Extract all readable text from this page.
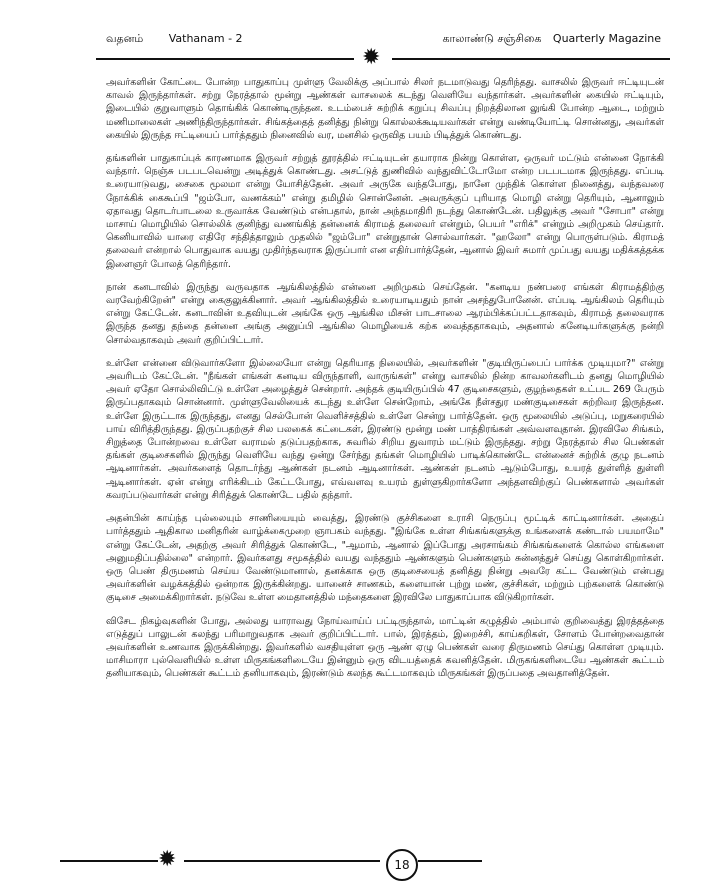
வதனம் Vathanam - 2	காலாண்டு சஞ்சிகை Quarterly Magazine
✹

அவர்களின் கோட்டை போன்ற பாதுகாப்பு முள்ளு வேலிக்கு அப்பால் சிலர் நடமாடுவது தெரிந்தது. வாசலில் இருவர் ஈட்டியுடன் காவல் இருந்தார்கள். சற்று நேரத்தால் மூன்று ஆண்கள் வாசலைக் கடந்து வெளியே வந்தார்கள். அவர்களின் கையில் ஈட்டியும், இடையில் குறுவாளும் தொங்கிக் கொண்டிருந்தன. உடம்பைச் சுற்றிக் கறுப்பு சிவப்பு நிறத்திலான லுங்கி போன்ற ஆடை, மற்றும் மணிமாலைகள் அணிந்திருந்தார்கள். சிங்கத்தைத் தனித்து நின்று கொல்லக்கூடியவர்கள் என்று வண்டியோட்டி சொன்னது, அவர்கள் கையில் இருந்த ஈட்டியைப் பார்த்ததும் நினைவில் வர, மனசில் ஒருவித பயம் பிடித்துக் கொண்டது.

தங்களின் பாதுகாப்புக் காரணமாக இருவர் சற்றுத் தூரத்தில் ஈட்டியுடன் தயாராக நின்று கொள்ள, ஒருவர் மட்டும் என்னை நோக்கி வந்தார். நெஞ்சு படபடவென்று அடித்துக் கொண்டது. அசட்டுத் துணிவில் வந்துவிட்டோமோ என்ற படபடமாக இருந்தது. எப்படி உரையாடுவது, சைகை மூலமா என்று யோசித்தேன். அவர் அருகே வந்தபோது, நானே முந்திக் கொள்ள நினைத்து, வந்தவரை நோக்கிக் கைகூப்பி "ஜம்போ, வணக்கம்" என்று தமிழில் சொன்னேன். அவருக்குப் புரியாத மொழி என்று தெரியும், ஆனாலும் ஏதாவது தொடர்பாடலை உருவாக்க வேண்டும் என்பதால், நான் அந்தமாதிரி நடந்து கொண்டேன். பதிலுக்கு அவர் "சோபா" என்று மாசாய் மொழியில் சொல்லிக் குனிந்து வணங்கித் தன்னைக் கிராமத் தலைவர் என்றும், பெயர் "எரிக்" என்றும் அறிமுகம் செய்தார். கெனியாவில் யாரை எதிரே சந்தித்தாலும் முதலில் "ஜம்போ" என்றுதான் சொல்வார்கள். "ஹலோ" என்று பொருள்படும். கிராமத் தலைவர் என்றால் பொதுவாக வயது முதிர்ந்தவராக இருப்பார் என எதிர்பார்த்தேன், ஆனால் இவர் சுமார் முப்பது வயது மதிக்கத்தக்க இளைஞர் போலத் தெரிந்தார்.

நான் கனடாவில் இருந்து வருவதாக ஆங்கிலத்தில் என்னை அறிமுகம் செய்தேன். "கனடிய நண்பரை எங்கள் கிராமத்திற்கு வரவேற்கிறேன்" என்று கைகுலுக்கினார். அவர் ஆங்கிலத்தில் உரையாடியதும் நான் அசந்துபோனேன். எப்படி ஆங்கிலம் தெரியும் என்று கேட்டேன். கனடாவின் உதவியுடன் அங்கே ஒரு ஆங்கில மிசன் பாடசாலை ஆரம்பிக்கப்பட்டதாகவும், கிராமத் தலைவராக இருந்த தனது தந்தை தன்னை அங்கு அனுப்பி ஆங்கில மொழியைக் கற்க வைத்ததாகவும், அதனால் கனேடியர்களுக்கு நன்றி சொல்வதாகவும் அவர் குறிப்பிட்டார்.

உள்ளே என்னை விடுவார்களோ இல்லையோ என்று தெரியாத நிலையில், அவர்களின் "குடியிருப்பைப் பார்க்க முடியுமா?" என்று அவரிடம் கேட்டேன். "நீங்கள் எங்கள் கனடிய விருந்தாளி, வாருங்கள்" என்று வாசலில் நின்ற காவலர்களிடம் தனது மொழியில் அவர் ஏதோ சொல்லிவிட்டு உள்ளே அழைத்துச் சென்றார். அந்தக் குடியிருப்பில் 47 குடிசைகளும், குழந்தைகள் உட்பட 269 பேரும் இருப்பதாகவும் சொன்னார். முள்ளுவேலியைக் கடந்து உள்ளே சென்றோம், அங்கே நீள்சதுர மண்குடிசைகள் சுற்றிவர இருந்தன. உள்ளே இருட்டாக இருந்தது, எனது செல்போன் வெளிச்சத்தில் உள்ளே சென்று பார்த்தேன். ஒரு மூலையில் அடுப்பு, மறுகரையில் பாய் விரித்திருந்தது. இருப்பதற்குச் சில பலகைக் கட்டைகள், இரண்டு மூன்று மண் பாத்திரங்கள் அவ்வளவுதான். இரவிலே சிங்கம், சிறுத்தை போன்றவை உள்ளே வராமல் தடுப்பதற்காக, சுவரில் சிறிய துவாரம் மட்டும் இருந்தது. சற்று நேரத்தால் சில பெண்கள் தங்கள் குடிசைகளில் இருந்து வெளியே வந்து ஒன்று சேர்ந்து தங்கள் மொழியில் பாடிக்கொண்டே என்னைச் சுற்றிக் குழு நடனம் ஆடினார்கள். அவர்களைத் தொடர்ந்து ஆண்கள் நடனம் ஆடினார்கள். ஆண்கள் நடனம் ஆடும்போது, உயரத் துள்ளித் துள்ளி ஆடினார்கள். ஏன் என்று எரிக்கிடம் கேட்டபோது, எவ்வளவு உயரம் துள்ளுகிறார்களோ அந்தளவிற்குப் பெண்களால் அவர்கள் கவரப்படுவார்கள் என்று சிரித்துக் கொண்டே பதில் தந்தார்.

அதன்பின் காய்ந்த புல்லையும் சாணியையும் வைத்து, இரண்டு குச்சிகளை உராசி நெருப்பு மூட்டிக் காட்டினார்கள். அதைப் பார்த்ததும் ஆதிகால மனிதரின் வாழ்க்கைமுறை ஞாபகம் வந்தது. "இங்கே உள்ள சிங்கங்களுக்கு உங்களைக் கண்டால் பயமாமே" என்று கேட்டேன், அதற்கு அவர் சிரித்துக் கொண்டே, "ஆமாம், ஆனால் இப்போது அரசாங்கம் சிங்கங்களைக் கொல்ல எங்களை அனுமதிப்பதில்லை" என்றார். இவர்களது சமூகத்தில் வயது வந்ததும் ஆண்களும் பெண்களும் சுன்னத்துச் செய்து கொள்கிறார்கள். ஒரு பெண் திருமணம் செய்ய வேண்டுமானால், தனக்காக ஒரு குடிசையைத் தனித்து நின்று அவரே கட்ட வேண்டும் என்பது அவர்களின் வழக்கத்தில் ஒன்றாக இருக்கின்றது. யானைச் சாணகம், களையான் புற்று மண், குச்சிகள், மற்றும் புற்களைக் கொண்டு குடிசை அமைக்கிறார்கள். நடுவே உள்ள மைதானத்தில் மந்தைகளை இரவிலே பாதுகாப்பாக விடுகிறார்கள்.

விசேட நிகழ்வுகளின் போது, அல்லது யாராவது நோய்வாய்ப் பட்டிருந்தால், மாட்டின் கழுத்தில் அம்பால் குறிவைத்து இரத்தத்தை எடுத்துப் பாலுடன் கலந்து பரிமாறுவதாக அவர் குறிப்பிட்டார். பால், இரத்தம், இறைச்சி, காய்கறிகள், சோளம் போன்றவைதான் அவர்களின் உணவாக இருக்கின்றது. இவர்களில் வசதியுள்ள ஒரு ஆண் ஏழு பெண்கள் வரை திருமணம் செய்து கொள்ள முடியும். மாசிமாரா புல்வெளியில் உள்ள மிருகங்களிடையே இன்னும் ஒரு விடயத்தைக் கவனித்தேன். மிருகங்களிடையே ஆண்கள் கூட்டம் தனியாகவும், பெண்கள் கூட்டம் தனியாகவும், இரண்டும் கலந்த கூட்டமாகவும் மிருகங்கள் இருப்பதை அவதானித்தேன்.

✹	18
